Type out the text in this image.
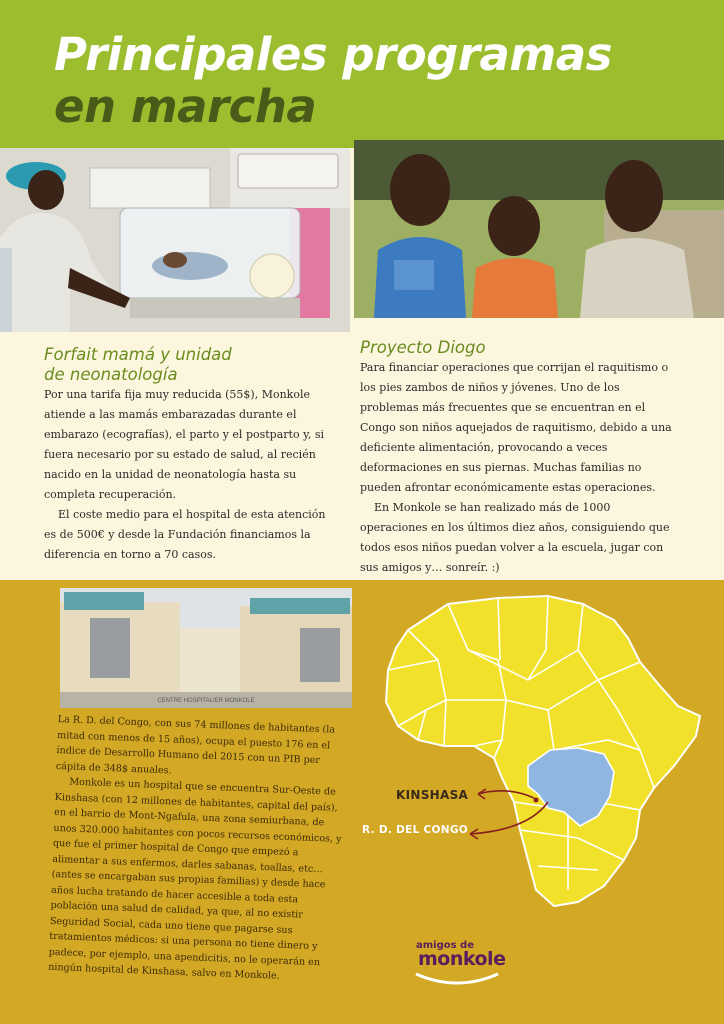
Principales programas
en marcha
Forfait mamá y unidad
de neonatología

Por una tarifa fija muy reducida (55$), Monkole atiende a las mamás embarazadas durante el embarazo (ecografías), el parto y el postparto y, si fuera necesario por su estado de salud, al recién nacido en la unidad de neonatología hasta su completa recuperación.

El coste medio para el hospital de esta atención es de 500€ y desde la Fundación financiamos la diferencia en torno a 70 casos.

Proyecto Diogo

Para financiar operaciones que corrijan el raquitismo o los pies zambos de niños y jóvenes. Uno de los problemas más frecuentes que se encuentran en el Congo son niños aquejados de raquitismo, debido a una deficiente alimentación, provocando a veces deformaciones en sus piernas. Muchas familias no pueden afrontar económicamente estas operaciones.

En Monkole se han realizado más de 1000 operaciones en los últimos diez años, consiguiendo que todos esos niños puedan volver a la escuela, jugar con sus amigos y… sonreír. :)

CENTRE HOSPITALIER MONKOLE

La R. D. del Congo, con sus 74 millones de habitantes (la mitad con menos de 15 años), ocupa el puesto 176 en el índice de Desarrollo Humano del 2015 con un PIB per cápita de 348$ anuales.

Monkole es un hospital que se encuentra Sur-Oeste de Kinshasa (con 12 millones de habitantes, capital del país), en el barrio de Mont-Ngafula, una zona semiurbana, de unos 320.000 habitantes con pocos recursos económicos, y que fue el primer hospital de Congo que empezó a alimentar a sus enfermos, darles sabanas, toallas, etc… (antes se encargaban sus propias familias) y desde hace años lucha tratando de hacer accesible a toda esta población una salud de calidad, ya que, al no existir Seguridad Social, cada uno tiene que pagarse sus tratamientos médicos: si una persona no tiene dinero y padece, por ejemplo, una apendicitis, no le operarán en ningún hospital de Kinshasa, salvo en Monkole.

KINSHASA
R. D. DEL CONGO
amigos de
monkole
